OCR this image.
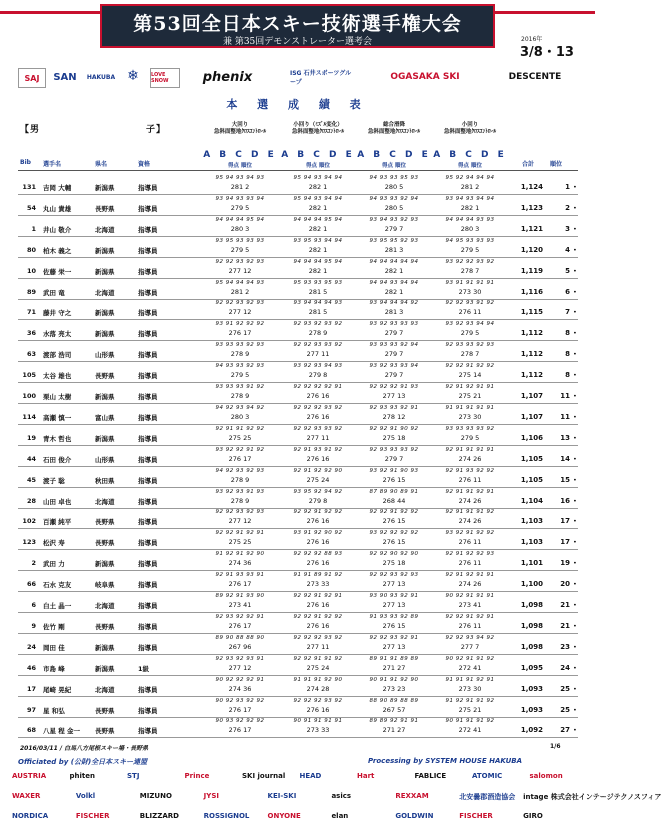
第53回全日本スキー技術選手権大会
兼 第35回デモンストレーター選考会	2016年
3/8・13
SAJ	SAN	HAKUBA ❄	LOVE SNOW	phenix	ISG 石井スポーツグループ
OGASAKA SKI	DESCENTE
本 選 成 績 表
【男	子】	大回り
急斜面整地ｸﾛｽｺﾝﾄﾛｰﾙ
小回り（ﾐｽﾞﾙ変化）
急斜面整地ｸﾛｽｺﾝﾄﾛｰﾙ
総合滑降
急斜面整地ｸﾛｽｺﾝﾄﾛｰﾙ
小回り
急斜面整地ｸﾛｽｺﾝﾄﾛｰﾙ
A B C D E A B C D E A B C D E A B C D E
得点 順位	得点 順位	得点 順位	得点 順位
Bib 選手名	県名	資格	合計	順位
131 吉岡 大輔	新潟県	指導員
95 94 93 94 93
281 2
95 94 93 94 94
282 1
94 93 93 95 93
280 5
95 92 94 94 94
281 2	1,124	1 •
54 丸山 貴雄	長野県	指導員
93 94 93 93 94
279 5
95 94 93 94 94
282 1
94 93 93 92 94
280 5
93 94 93 94 94
282 1	1,123	2 •
1 井山 敬介	北海道	指導員
94 94 94 95 94
280 3
94 94 94 95 94
282 1
93 94 93 92 93
279 7
94 94 94 93 93
280 3	1,121	3 •
80 柏木 義之	新潟県	指導員
93 95 93 93 93
279 5
93 95 93 94 94
282 1
93 95 95 92 93
281 3
94 95 93 93 93
279 5	1,120	4 •
10 佐藤 栄一	新潟県	指導員
92 92 93 92 93
277 12
94 94 94 95 94
282 1
94 94 94 94 94
282 1
93 92 92 93 92
278 7	1,119	5 •
89 武田 竜	北海道	指導員
95 94 94 94 93
281 2
95 93 93 95 93
281 5
94 94 93 94 94
282 1
93 91 91 91 91
273 30	1,116	6 •
71 藤井 守之	新潟県	指導員
92 92 93 92 93
277 12
93 94 94 94 93
281 5
93 94 94 94 92
281 3
92 92 93 91 92
276 11	1,115	7 •
36 水落 亮太	新潟県	指導員
93 91 92 92 92
276 17
92 93 92 93 92
278 9
93 92 93 93 93
279 7
93 92 93 94 94
279 5	1,112	8 •
63 渡部 浩司	山形県	指導員
93 93 93 92 93
278 9
92 92 93 93 92
277 11
93 93 93 92 94
279 7
92 93 93 92 93
278 7	1,112	8 •
105 太谷 雄也	長野県	指導員
94 93 93 92 93
279 5
93 92 93 94 93
279 8
93 92 93 93 94
279 7
92 92 91 92 92
275 14	1,112	8 •
100 栗山 太樹	新潟県	指導員
93 93 93 91 92
278 9
92 92 92 92 91
276 16
92 92 92 91 93
277 13
92 91 92 91 91
275 21	1,107	11 •
114 高瀬 慎一	富山県	指導員
94 92 93 94 92
280 3
92 92 92 93 92
276 16
92 93 93 92 91
278 12
91 91 91 91 91
273 30	1,107	11 •
19 青木 哲也	新潟県	指導員
92 91 91 92 92
275 25
92 92 93 93 92
277 11
92 92 91 90 92
275 18
93 93 93 93 92
279 5	1,106	13 •
44 石田 俊介	山形県	指導員
93 92 92 91 92
276 17
92 91 93 91 92
276 16
92 93 93 93 92
279 7
92 91 91 91 91
274 26	1,105	14 •
45 渡子 聡	秋田県	指導員
94 92 93 92 93
278 9
92 91 92 92 90
275 24
93 92 91 90 93
276 15
92 91 93 92 92
276 11	1,105	15 •
28 山田 卓也	北海道	指導員
93 92 93 91 93
278 9
93 95 92 94 92
279 8
87 89 90 89 91
268 44
92 91 91 92 91
274 26	1,104	16 •
102 百瀬 純平	長野県	指導員
92 92 93 92 93
277 12
92 92 91 92 92
276 16
92 92 91 92 92
276 15
92 91 91 91 92
274 26	1,103	17 •
123 松沢 寿	長野県	指導員
92 92 91 92 91
275 25
93 91 92 90 92
276 16
93 92 92 92 92
276 15
93 92 91 92 92
276 11	1,103	17 •
2 武田 力	新潟県	指導員
91 92 91 92 90
274 36
92 92 92 88 93
276 16
92 92 90 92 90
275 18
92 91 92 92 93
276 11	1,101	19 •
66 石水 克友	岐阜県	指導員
92 91 93 93 91
276 17
91 91 89 91 92
273 33
92 92 93 92 93
277 13
92 91 92 91 91
274 26	1,100	20 •
6 白土 晶一	北海道	指導員
89 92 91 93 90
273 41
92 92 91 92 91
276 16
93 90 93 92 91
277 13
90 92 91 91 91
273 41	1,098	21 •
9 佐竹 剛	長野県	指導員
92 93 92 92 91
276 17
92 92 91 92 92
276 16
91 93 93 92 89
276 15
92 92 91 92 91
276 11	1,098	21 •
24 岡田 佳	新潟県	指導員
89 90 88 88 90
267 96
92 92 92 93 92
277 11
92 92 93 92 91
277 13
92 92 93 94 92
277 7	1,098	23 •
46 市島 峰	新潟県	1級
92 93 92 93 91
277 12
92 92 91 91 92
275 24
89 91 91 89 89
271 27
90 92 91 91 92
272 41	1,095	24 •
17 尾崎 晃紀	北海道	指導員
90 92 92 92 91
274 36
91 91 91 92 90
274 28
90 91 91 92 90
273 23
91 91 91 92 91
273 30	1,093	25 •
97 星 和弘	長野県	指導員
90 92 93 92 92
276 17
92 92 92 93 92
276 16
88 90 89 88 89
267 57
91 92 91 91 92
275 21	1,093	25 •
68 八星 程 金一 長野県	指導員
90 93 92 92 92
276 17
90 91 91 91 91
273 33
89 89 92 91 91
271 27
90 91 91 91 92
272 41	1,092	27 •
2016/03/11 / 白馬八方尾根スキー場・長野県	1/6
Officiated by (公財)全日本スキー連盟	Processing by SYSTEM HOUSE HAKUBA
AUSTRIA	phiten	STJ	Prince	SKI journal HEAD	Hart	FABLICE	ATOMIC	salomon
WAXER	Volkl	MIZUNO	JYSI	KEI-SKI	asics	REXXAM	北安曇郡酒造協会 intage 株式会社インテージテクノスフィア
NORDICA	FISCHER	BLIZZARD	ROSSIGNOL	ONYONE	elan	GOLDWIN	FISCHER	GIRO
